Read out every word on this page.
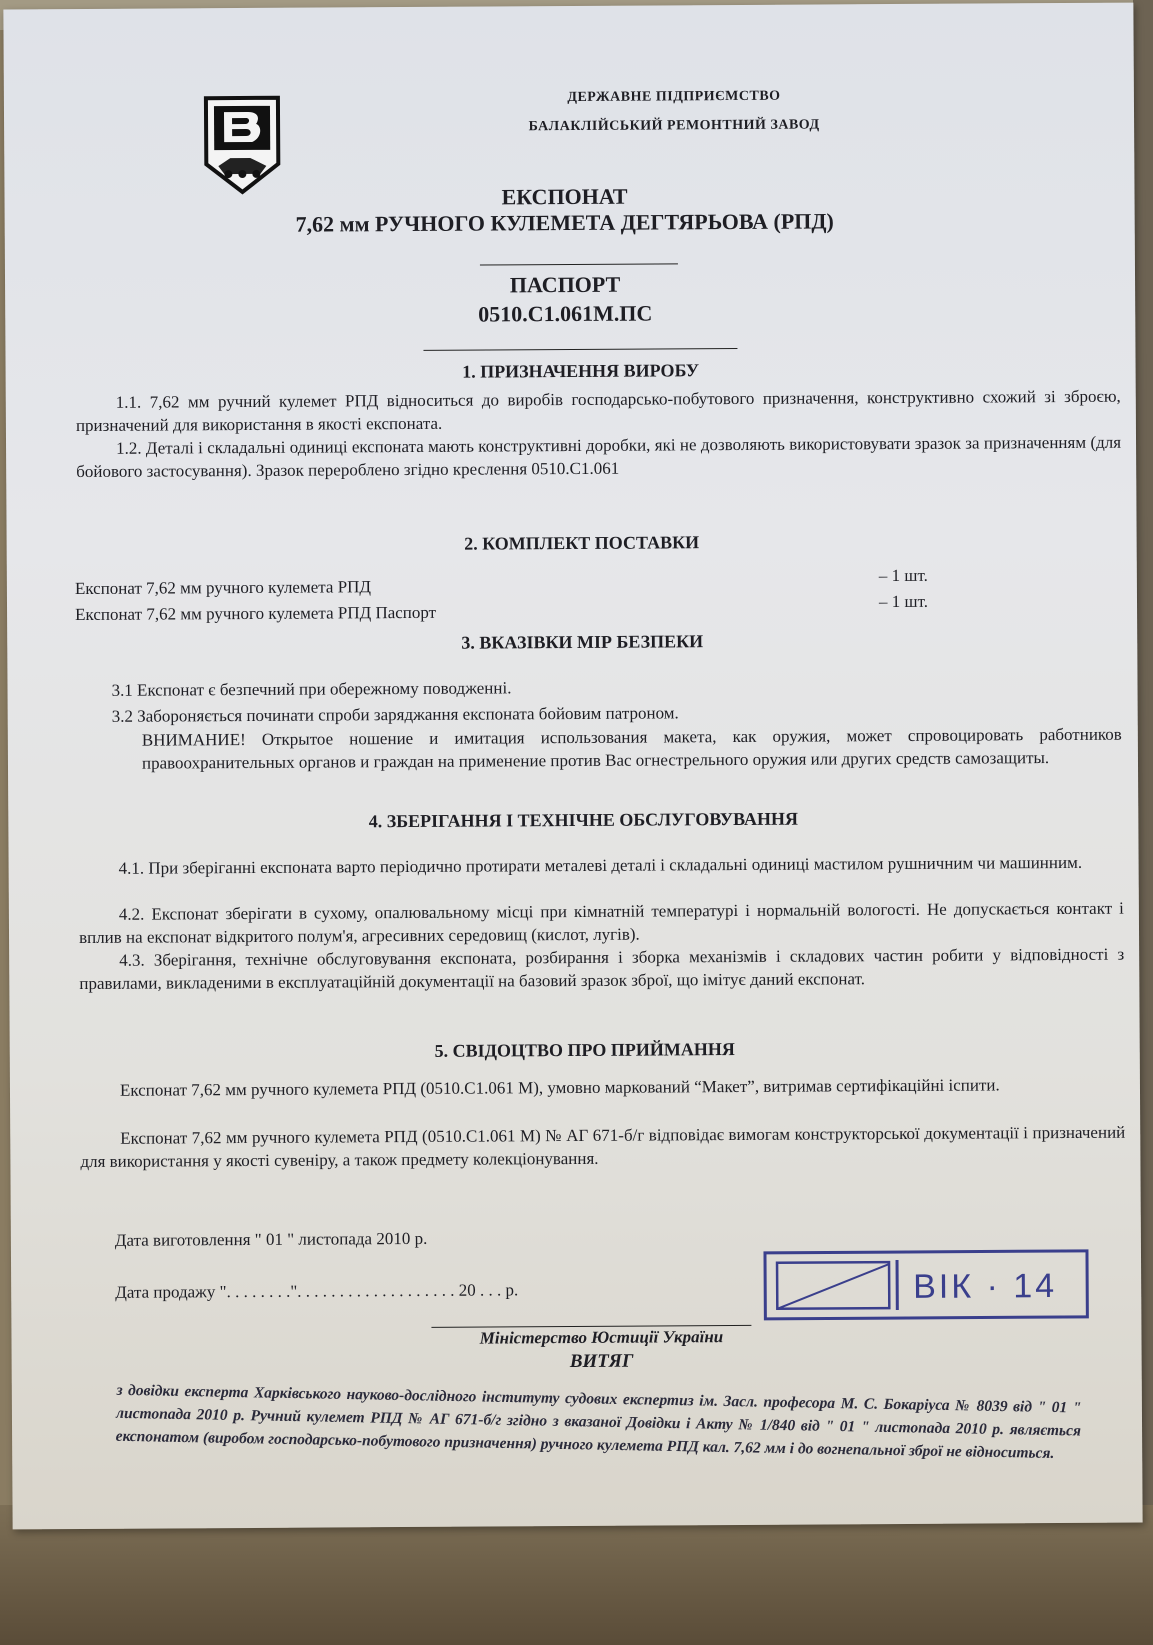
ДЕРЖАВНЕ ПІДПРИЄМСТВО
БАЛАКЛІЙСЬКИЙ РЕМОНТНИЙ ЗАВОД
ЕКСПОНАТ
7,62 мм РУЧНОГО КУЛЕМЕТА ДЕГТЯРЬОВА (РПД)
ПАСПОРТ
0510.С1.061М.ПС
1. ПРИЗНАЧЕННЯ ВИРОБУ
1.1. 7,62 мм ручний кулемет РПД відноситься до виробів господарсько-побутового призначення, конструктивно схожий зі зброєю, призначений для використання в якості експоната.
1.2. Деталі і складальні одиниці експоната мають конструктивні доробки, які не дозволяють використовувати зразок за призначенням (для бойового застосування). Зразок перероблено згідно креслення 0510.С1.061
2. КОМПЛЕКТ ПОСТАВКИ
Експонат 7,62 мм ручного кулемета РПД
– 1 шт.
Експонат 7,62 мм ручного кулемета РПД Паспорт
– 1 шт.
3. ВКАЗІВКИ МІР БЕЗПЕКИ
3.1 Експонат є безпечний при обережному поводженні.
3.2 Забороняється починати спроби заряджання експоната бойовим патроном.
ВНИМАНИЕ! Открытое ношение и имитация использования макета, как оружия, может спровоцировать работников правоохранительных органов и граждан на применение против Вас огнестрельного оружия или других средств самозащиты.
4. ЗБЕРІГАННЯ І ТЕХНІЧНЕ ОБСЛУГОВУВАННЯ
4.1. При зберіганні експоната варто періодично протирати металеві деталі і складальні одиниці мастилом рушничним чи машинним.
4.2. Експонат зберігати в сухому, опалювальному місці при кімнатній температурі і нормальній вологості. Не допускається контакт і вплив на експонат відкритого полум'я, агресивних середовищ (кислот, лугів).
4.3. Зберігання, технічне обслуговування експоната, розбирання і зборка механізмів і складових частин робити у відповідності з правилами, викладеними в експлуатаційній документації на базовий зразок зброї, що імітує даний експонат.
5. СВІДОЦТВО ПРО ПРИЙМАННЯ
Експонат 7,62 мм ручного кулемета РПД (0510.С1.061 М), умовно маркований “Макет”, витримав сертифікаційні іспити.
Експонат 7,62 мм ручного кулемета РПД (0510.С1.061 М) № АГ 671-б/г відповідає вимогам конструкторської документації і призначений для використання у якості сувеніру, а також предмету колекціонування.
Дата виготовлення " 01 " листопада 2010 р.
Дата продажу ". . . . . . . .". . . . . . . . . . . . . . . . . . . 20 . . . р.	ВІК · 14
Міністерство Юстиції України
ВИТЯГ
з довідки експерта Харківського науково-дослідного інституту судових експертиз ім. Засл. професора М. С. Бокаріуса № 8039 від " 01 " листопада 2010 р. Ручний кулемет РПД № АГ 671-б/г згідно з вказаної Довідки і Акту № 1/840 від " 01 " листопада 2010 р. являється експонатом (виробом господарсько-побутового призначення) ручного кулемета РПД кал. 7,62 мм і до вогнепальної зброї не відноситься.
